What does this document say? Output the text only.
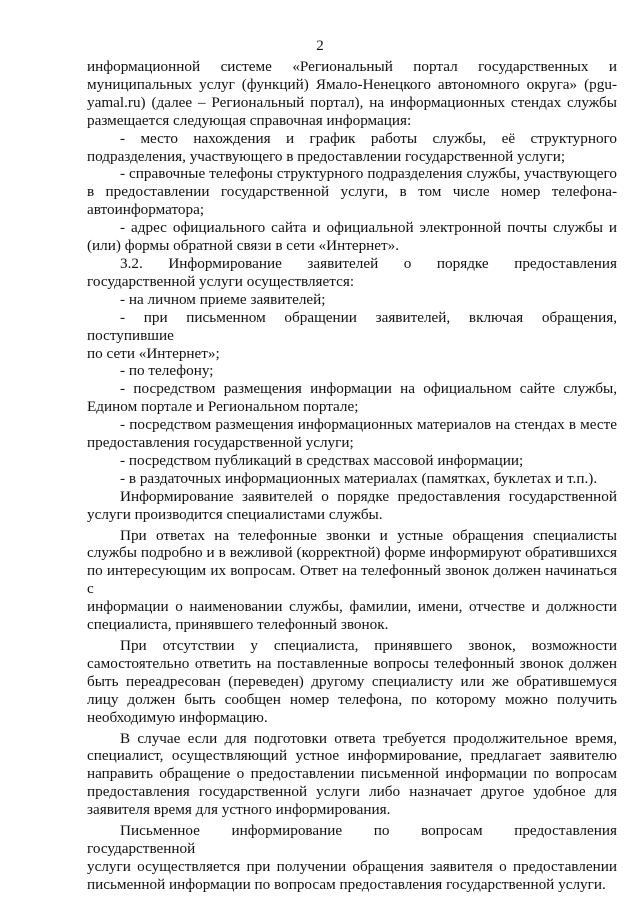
2
информационной системе «Региональный портал государственных и
муниципальных услуг (функций) Ямало-Ненецкого автономного округа» (pgu-
yamal.ru) (далее – Региональный портал), на информационных стендах службы
размещается следующая справочная информация:
- место нахождения и график работы службы, её структурного
подразделения, участвующего в предоставлении государственной услуги;
- справочные телефоны структурного подразделения службы, участвующего
в предоставлении государственной услуги, в том числе номер телефона-
автоинформатора;
- адрес официального сайта и официальной электронной почты службы и
(или) формы обратной связи в сети «Интернет».
3.2. Информирование заявителей о порядке предоставления
государственной услуги осуществляется:
- на личном приеме заявителей;
- при письменном обращении заявителей, включая обращения, поступившие
по сети «Интернет»;
- по телефону;
- посредством размещения информации на официальном сайте службы,
Едином портале и Региональном портале;
- посредством размещения информационных материалов на стендах в месте
предоставления государственной услуги;
- посредством публикаций в средствах массовой информации;
- в раздаточных информационных материалах (памятках, буклетах и т.п.).
Информирование заявителей о порядке предоставления государственной
услуги производится специалистами службы.
При ответах на телефонные звонки и устные обращения специалисты
службы подробно и в вежливой (корректной) форме информируют обратившихся
по интересующим их вопросам. Ответ на телефонный звонок должен начинаться с
информации о наименовании службы, фамилии, имени, отчестве и должности
специалиста, принявшего телефонный звонок.
При отсутствии у специалиста, принявшего звонок, возможности
самостоятельно ответить на поставленные вопросы телефонный звонок должен
быть переадресован (переведен) другому специалисту или же обратившемуся
лицу должен быть сообщен номер телефона, по которому можно получить
необходимую информацию.
В случае если для подготовки ответа требуется продолжительное время,
специалист, осуществляющий устное информирование, предлагает заявителю
направить обращение о предоставлении письменной информации по вопросам
предоставления государственной услуги либо назначает другое удобное для
заявителя время для устного информирования.
Письменное информирование по вопросам предоставления государственной
услуги осуществляется при получении обращения заявителя о предоставлении
письменной информации по вопросам предоставления государственной услуги.
